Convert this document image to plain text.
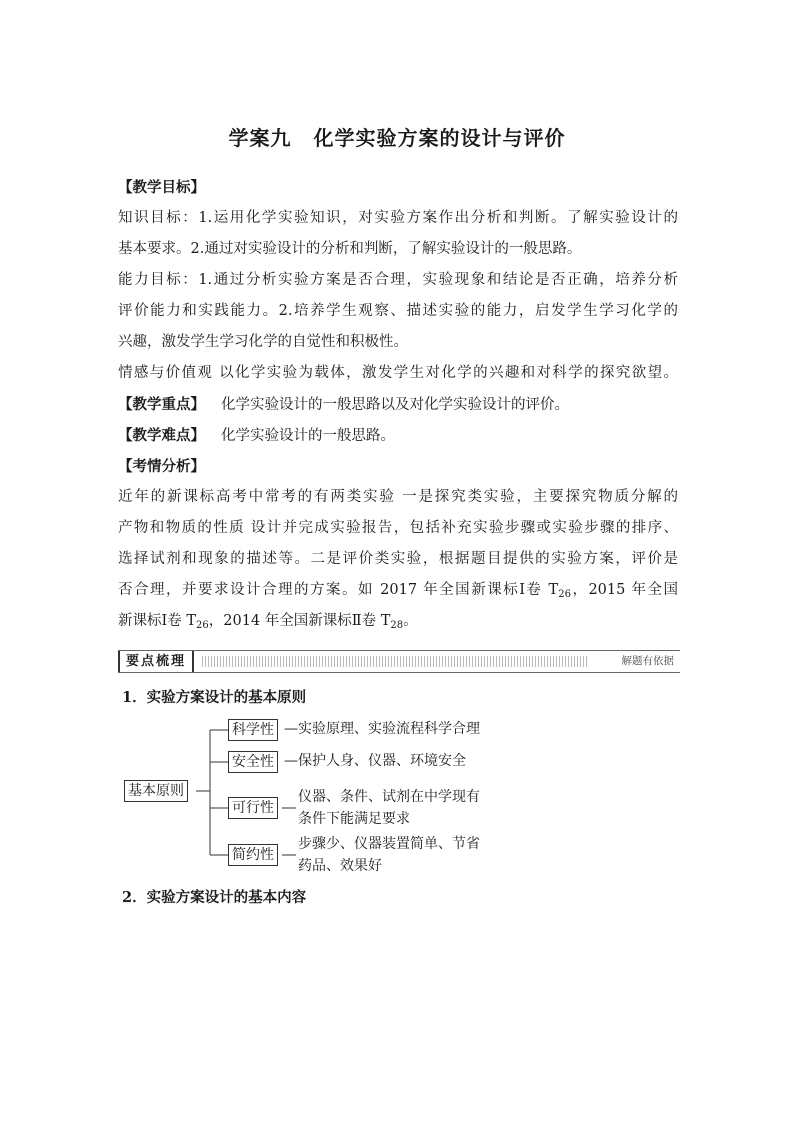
学案九 化学实验方案的设计与评价
【教学目标】
知识目标：1.运用化学实验知识，对实验方案作出分析和判断。了解实验设计的
基本要求。2.通过对实验设计的分析和判断，了解实验设计的一般思路。
能力目标：1.通过分析实验方案是否合理，实验现象和结论是否正确，培养分析
评价能力和实践能力。2.培养学生观察、描述实验的能力，启发学生学习化学的
兴趣，激发学生学习化学的自觉性和积极性。
情感与价值观 以化学实验为载体，激发学生对化学的兴趣和对科学的探究欲望。
【教学重点】 化学实验设计的一般思路以及对化学实验设计的评价。
【教学难点】 化学实验设计的一般思路。
【考情分析】
近年的新课标高考中常考的有两类实验 一是探究类实验，主要探究物质分解的
产物和物质的性质 设计并完成实验报告，包括补充实验步骤或实验步骤的排序、
选择试剂和现象的描述等。二是评价类实验，根据题目提供的实验方案，评价是
否合理，并要求设计合理的方案。如 2017 年全国新课标Ⅰ卷 $T_{26}$，2015 年全国
新课标Ⅰ卷 $T_{26}$，2014 年全国新课标Ⅱ卷 $T_{28}$。
要点梳理	解题有依据
1．实验方案设计的基本原则
基本原则
科学性 —实验原理、实验流程科学合理
安全性 —保护人身、仪器、环境安全
可行性
仪器、条件、试剂在中学现有
条件下能满足要求
简约性
步骤少、仪器装置简单、节省
药品、效果好
2．实验方案设计的基本内容
